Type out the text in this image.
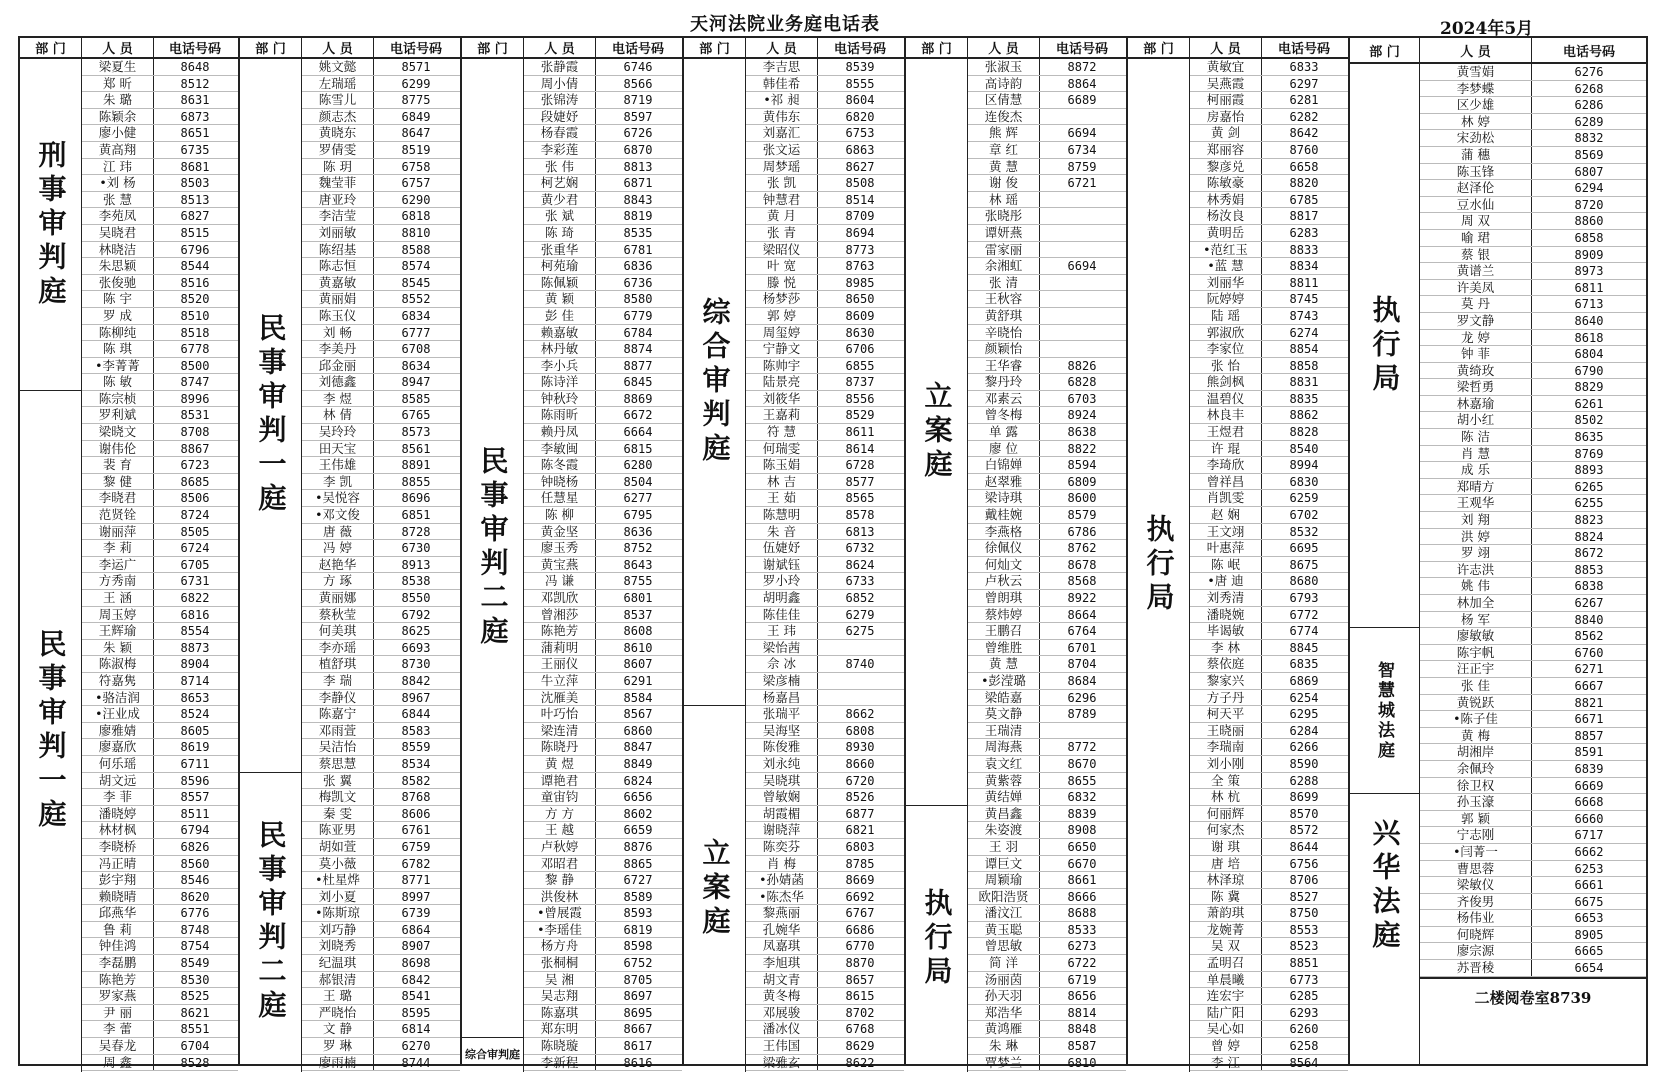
天河法院业务庭电话表	2024年5月
部 门	人 员	电话号码
刑事审判庭
民事审判一庭
梁夏生	8648
郑 昕	8512
朱 璐	8631
陈颖余	6873
廖小健	8651
黄高翔	6735
江 玮	8681
•刘 杨	8503
张 慧	8513
李苑凤	6827
吴晓君	8515
林晓洁	6796
朱思颖	8544
张俊驰	8516
陈 宇	8520
罗 成	8510
陈柳纯	8518
陈 琪	6778
•李菁菁	8500
陈 敏	8747
陈宗桢	8996
罗利斌	8531
梁晓文	8708
谢伟伦	8867
裴 育	6723
黎 健	8685
李晓君	8506
范贤铨	8724
谢丽萍	8505
李 莉	6724
李运广	6705
方秀南	6731
王 涵	6822
周玉婷	6816
王辉瑜	8554
朱 颖	8873
陈淑梅	8904
符嘉隽	8714
•骆洁润	8653
•汪业成	8524
廖雅婧	8605
廖嘉欣	8619
何乐瑶	6711
胡文远	8596
李 菲	8557
潘晓婷	8511
林材枫	6794
李晓桥	6826
冯正晴	8560
彭宇翔	8546
赖晓晴	8620
邱燕华	6776
鲁 莉	8748
钟佳鸿	8754
李磊鹏	8549
陈艳芳	8530
罗家燕	8525
尹 丽	8621
李 蕾	8551
吴春龙	6704
周 鑫	8528
部 门	人 员	电话号码
民事审判一庭
民事审判二庭
姚文懿	8571
左瑞瑶	6299
陈雪儿	8775
颜志杰	6849
黄晓东	8647
罗倩雯	8519
陈 玥	6758
魏莹菲	6757
唐亚玲	6290
李洁莹	6818
刘丽敏	8810
陈绍基	8588
陈志恒	8574
黄嘉敏	8545
黄丽娟	8552
陈玉仪	6834
刘 畅	6777
李美丹	6708
邱金丽	8634
刘德鑫	8947
李 煜	8585
林 倩	6765
吴玲玲	8573
田天宝	8561
王伟雄	8891
李 凯	8855
•吴悦容	8696
•邓文俊	6851
唐 薇	8728
冯 婷	6730
赵艳华	8913
方 琢	8538
黄丽娜	8550
蔡秋莹	6792
何美琪	8625
李亦瑶	6693
植舒琪	8730
李 瑞	8842
李静仪	8967
陈嘉宁	6844
邓雨萱	8583
吴洁怡	8559
蔡思慧	8534
张 翼	8582
梅凯文	8768
秦 雯	8606
陈亚男	6761
胡如萱	6759
莫小薇	6782
•杜星烨	8771
刘小夏	8997
•陈斯琼	6739
刘巧静	6864
刘晓秀	8907
纪温琪	8698
郝银清	6842
王 璐	8541
严晓怡	8595
文 静	6814
罗 琳	6270
廖雨楠	8744
部 门	人 员	电话号码
民事审判二庭
综合审判庭
张静霞	6746
周小倩	8566
张锦涛	8719
段婕妤	8597
杨春霞	6726
李彩莲	6870
张 伟	8813
柯艺娴	6871
黄少君	8843
张 斌	8819
陈 琦	8535
张重华	6781
柯苑瑜	6836
陈佩颖	6736
黄 颖	8580
彭 佳	6779
赖嘉敏	6784
林丹敏	8874
李小兵	8877
陈诗洋	6845
钟秋玲	8869
陈雨昕	6672
赖丹凤	6664
李敏闽	6815
陈冬霞	6280
钟晓杨	8504
任慧星	6277
陈 柳	6795
黄金坚	8636
廖玉秀	8752
黄宝燕	8643
冯 谦	8755
邓凯欣	6801
曾湘莎	8537
陈艳芳	8608
蒲莉明	8610
王丽仪	8607
牛立萍	6291
沈雁美	8584
叶巧怡	8567
梁连清	6860
陈晓丹	8847
黄 煜	8849
谭艳君	6824
童宙钧	6656
方 方	8602
王 越	6659
卢秋婷	8876
邓昭君	8865
黎 静	6727
洪俊林	8589
•曾展霞	8593
•李瑶佳	6819
杨方舟	8598
张桐桐	6752
吴 湘	8705
吴志翔	8697
陈嘉琪	8695
郑东明	8667
陈晓璇	8617
李新程	8616
部 门	人 员	电话号码
综合审判庭
立案庭
李吉思	8539
韩佳希	8555
•祁 昶	8604
黄伟东	6820
刘嘉汇	6753
张文运	6863
周梦瑶	8627
张 凯	8508
钟慧君	8514
黄 月	8709
张 青	8694
梁昭仪	8773
叶 宽	8763
滕 悦	8985
杨梦莎	8650
郭 婷	8609
周玺婷	8630
宁静文	6706
陈帅宇	6855
陆景亮	8737
刘筱华	8556
王嘉莉	8529
符 慧	8611
何瑞雯	8614
陈玉娟	6728
林 吉	8577
王 茹	8565
陈慧明	8578
朱 音	6813
伍婕妤	6732
谢斌钰	8624
罗小玲	6733
胡明鑫	6852
陈佳佳	6279
王 玮	6275
梁怡茜
佘 冰	8740
梁彦楠
杨嘉昌
张瑞平	8662
吴海坚	6808
陈俊雅	8930
刘永纯	8660
吴晓琪	6720
曾敏娴	8526
胡霞楣	6877
谢晓萍	6821
陈奕芬	6803
肖 梅	8785
•孙婧菡	8669
•陈杰华	6692
黎燕丽	6767
孔婉华	6686
凤嘉琪	6770
李旭琪	8870
胡文青	8657
黄冬梅	8615
邓展骏	8702
潘冰仪	6768
王伟国	8629
梁雅玄	8622
部 门	人 员	电话号码
立案庭
执行局
张淑玉	8872
高诗韵	8864
区倩慧	6689
连俊杰
熊 辉	6694
章 红	6734
黄 慧	8759
谢 俊	6721
林 瑶
张晓彤
谭妍燕
雷家丽
余湘虹	6694
张 清
王秋容
黄舒琪
辛晓怡
颜颖怡
王华睿	8826
黎丹玲	6828
邓素云	6703
曾冬梅	8924
单 露	8638
廖 位	8822
白锦婵	8594
赵翠雅	6809
梁诗琪	8600
戴桂婉	8579
李燕格	6786
徐佩仪	8762
何灿文	8678
卢秋云	8568
曾朗琪	8922
蔡炜婷	8664
王鹏召	6764
曾维胜	6701
黄 慧	8704
•彭滢璐	8684
梁皓嘉	6296
莫文静	8789
王瑞清
周海燕	8772
袁文红	8670
黄紫蓉	8655
黄结婵	6832
黄昌鑫	8839
朱姿渡	8908
王 羽	6650
谭巨文	6670
周颖瑜	8661
欧阳浩贤	8666
潘汶江	8688
黄玉聪	8533
曾思敏	6273
简 洋	6722
汤丽茵	6719
孙天羽	8656
郑浩华	8814
黄鸿雁	8848
朱 琳	8587
覃梦兰	6810
部 门	人 员	电话号码
执行局
黄敏宜	6833
吴燕霞	6297
柯丽霞	6281
房嘉怡	6282
黄 剑	8642
郑丽容	8760
黎彦兑	6658
陈敏豪	8820
林秀娟	6785
杨汝良	8817
黄明岳	6283
•范红玉	8833
•蓝 慧	8834
刘丽华	8811
阮婷婷	8745
陆 瑶	8743
郭淑欣	6274
李家位	8854
张 怡	8858
熊剑枫	8831
温碧仪	8835
林良丰	8862
王煜君	8828
许 琨	8540
李琦欣	8994
曾祥昌	6830
肖凯雯	6259
赵 娴	6702
王文翊	8532
叶惠萍	6695
陈 岷	8675
•唐 迪	8680
刘秀清	6793
潘晓婉	6772
毕谒敏	6774
李 林	8845
蔡依庭	6835
黎家兴	6869
方子丹	6254
柯天平	6295
王晓丽	6284
李瑞南	6266
刘小刚	8590
全 策	6288
林 杭	8699
何丽辉	8570
何家杰	8572
谢 琪	8644
唐 培	6756
林泽琼	8706
陈 冀	8527
萧韵琪	8750
龙婉菁	8553
吴 双	8523
孟明召	8851
单晨曦	6773
连宏宇	6285
陆广阳	6293
吴心如	6260
曾 婷	6258
李 江	8564
部 门	人 员	电话号码
执行局
智慧城法庭
兴华法庭
黄雪娟	6276
李梦蝶	6268
区少雄	6286
林 婷	6289
宋劲松	8832
蒲 穗	8569
陈玉锋	6807
赵泽伦	6294
豆水仙	8720
周 双	8860
喻 珺	6858
蔡 银	8909
黄谱兰	8973
许美凤	6811
莫 丹	6713
罗文静	8640
龙 婷	8618
钟 菲	6804
黄绮玫	6790
梁哲勇	8829
林嘉瑜	6261
胡小红	8502
陈 洁	8635
肖 慧	8769
成 乐	8893
郑晴方	6265
王观华	6255
刘 翔	8823
洪 婷	8824
罗 翊	8672
许志洪	8853
姚 伟	6838
林加全	6267
杨 军	8840
廖敏敏	8562
陈宇帆	6760
汪正宇	6271
张 佳	6667
黄锐跃	8821
•陈子佳	6671
黄 梅	8857
胡湘岸	8591
余佩玲	6839
徐卫权	6669
孙玉濠	6668
郭 颖	6660
宁志刚	6717
•闫菁一	6662
曹思蓉	6253
梁敏仪	6661
齐俊男	6675
杨伟业	6653
何晓辉	8905
廖宗源	6665
苏晋稜	6654
二楼阅卷室8739
